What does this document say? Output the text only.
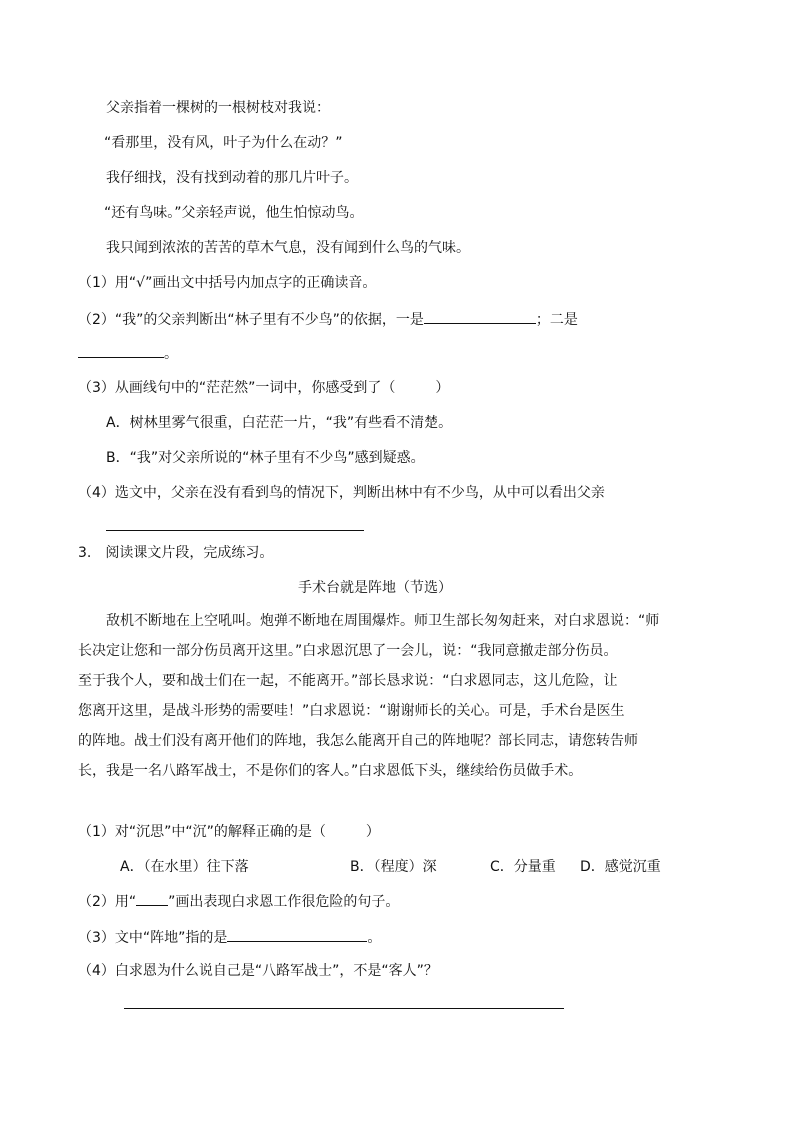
父亲指着一棵树的一根树枝对我说：
“看那里，没有风，叶子为什么在动？”
我仔细找，没有找到动着的那几片叶子。
“还有鸟味。”父亲轻声说，他生怕惊动鸟。
我只闻到浓浓的苦苦的草木气息，没有闻到什么鸟的气味。
（1）用“√”画出文中括号内加点字的正确读音。
（2）“我”的父亲判断出“林子里有不少鸟”的依据，一是	；二是
。
（3）从画线句中的“茫茫然”一词中，你感受到了（	）
A．树林里雾气很重，白茫茫一片，“我”有些看不清楚。
B．“我”对父亲所说的“林子里有不少鸟”感到疑惑。
（4）选文中，父亲在没有看到鸟的情况下，判断出林中有不少鸟，从中可以看出父亲
3. 阅读课文片段，完成练习。
手术台就是阵地（节选）
敌机不断地在上空吼叫。炮弹不断地在周围爆炸。师卫生部长匆匆赶来，对白求恩说：“师
长决定让您和一部分伤员离开这里。”白求恩沉思了一会儿，说：“我同意撤走部分伤员。
至于我个人，要和战士们在一起，不能离开。”部长恳求说：“白求恩同志，这儿危险，让
您离开这里，是战斗形势的需要哇！”白求恩说：“谢谢师长的关心。可是，手术台是医生
的阵地。战士们没有离开他们的阵地，我怎么能离开自己的阵地呢？部长同志，请您转告师
长，我是一名八路军战士，不是你们的客人。”白求恩低下头，继续给伤员做手术。
（1）对“沉思”中“沉”的解释正确的是（	）
A．（在水里）往下落	B．（程度）深	C．分量重 D．感觉沉重
（2）用“ ”画出表现白求恩工作很危险的句子。
（3）文中“阵地”指的是	。
（4）白求恩为什么说自己是“八路军战士”，不是“客人”？
